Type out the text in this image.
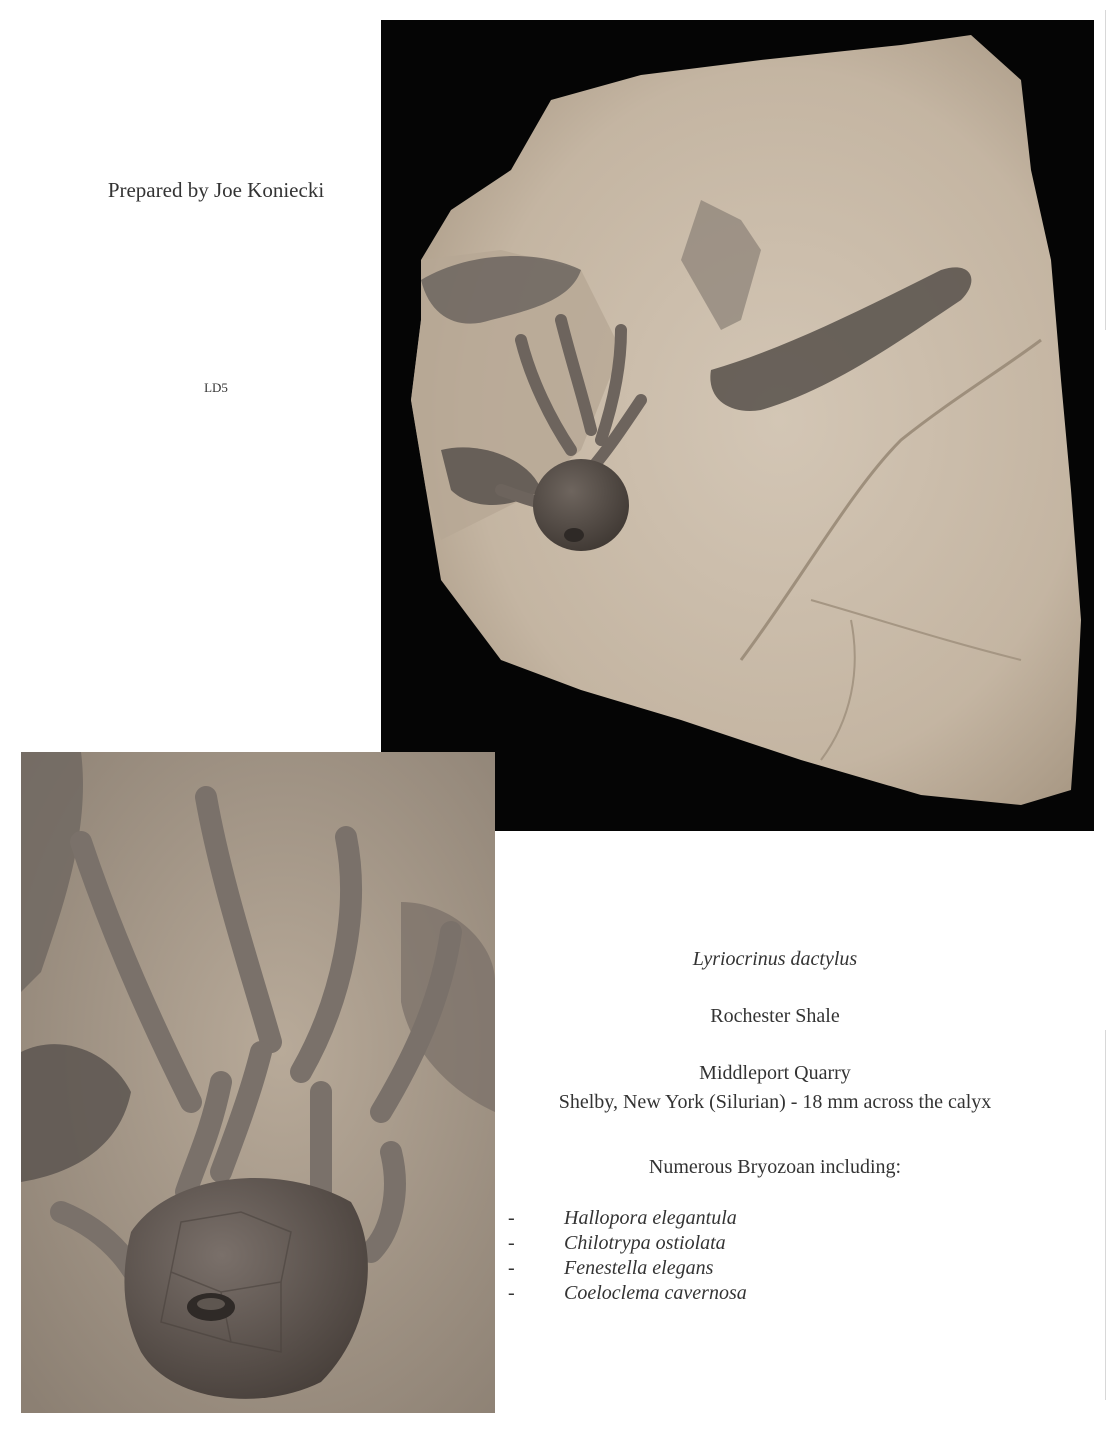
Prepared by Joe Koniecki
LD5

Lyriocrinus dactylus

Rochester Shale

Middleport Quarry

Shelby, New York (Silurian) - 18 mm across the calyx

Numerous Bryozoan including:

-	Hallopora elegantula
-	Chilotrypa ostiolata
-	Fenestella elegans
-	Coeloclema cavernosa
